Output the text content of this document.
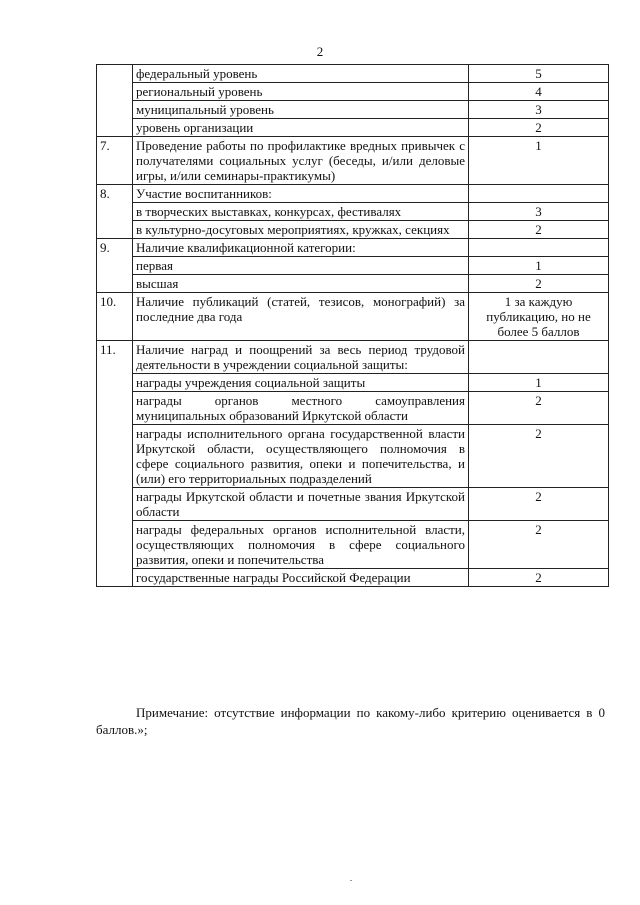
2
	федеральный уровень	5
	региональный уровень	4
	муниципальный уровень	3
	уровень организации	2
7.	Проведение работы по профилактике вредных привычек с получателями социальных услуг (беседы, и/или деловые игры, и/или семинары-практикумы)	1
8.	Участие воспитанников:	
	в творческих выставках, конкурсах, фестивалях	3
	в культурно-досуговых мероприятиях, кружках, секциях	2
9.	Наличие квалификационной категории:	
	первая	1
	высшая	2
10.	Наличие публикаций (статей, тезисов, монографий) за последние два года	1 за каждую публикацию, но не более 5 баллов
11.	Наличие наград и поощрений за весь период трудовой деятельности в учреждении социальной защиты:	
	награды учреждения социальной защиты	1
	награды органов местного самоуправления муниципальных образований Иркутской области	2
	награды исполнительного органа государственной власти Иркутской области, осуществляющего полномочия в сфере социального развития, опеки и попечительства, и (или) его территориальных подразделений	2
	награды Иркутской области и почетные звания Иркутской области	2
	награды федеральных органов исполнительной власти, осуществляющих полномочия в сфере социального развития, опеки и попечительства	2
	государственные награды Российской Федерации	2
Примечание: отсутствие информации по какому-либо критерию оценивается в 0 баллов.»;
